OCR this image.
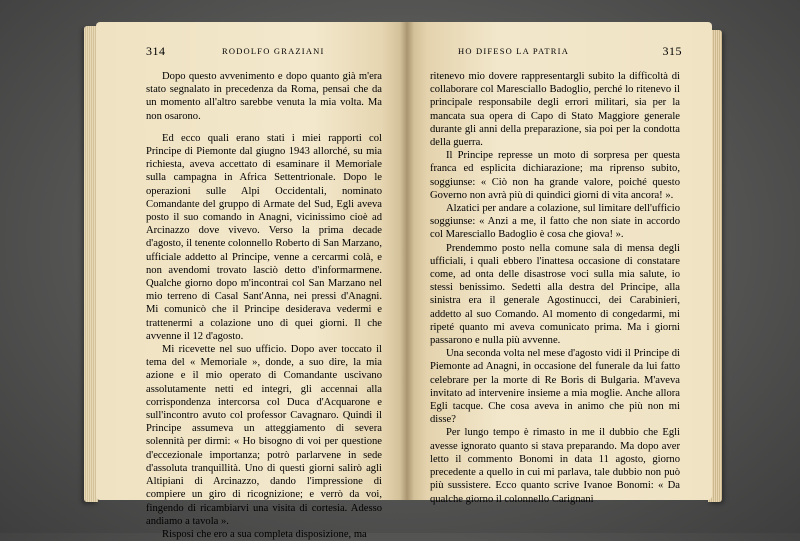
314	RODOLFO GRAZIANI

Dopo questo avvenimento e dopo quanto già m'era stato segnalato in precedenza da Roma, pensai che da un momento all'altro sarebbe venuta la mia volta. Ma non osarono.

Ed ecco quali erano stati i miei rapporti col Principe di Piemonte dal giugno 1943 allorché, su mia richiesta, aveva accettato di esaminare il Memoriale sulla campagna in Africa Settentrionale. Dopo le operazioni sulle Alpi Occidentali, nominato Comandante del gruppo di Armate del Sud, Egli aveva posto il suo comando in Anagni, vicinissimo cioè ad Arcinazzo dove vivevo. Verso la prima decade d'agosto, il tenente colonnello Roberto di San Marzano, ufficiale addetto al Principe, venne a cercarmi colà, e non avendomi trovato lasciò detto d'informarmene. Qualche giorno dopo m'incontrai col San Marzano nel mio terreno di Casal Sant'Anna, nei pressi d'Anagni. Mi comunicò che il Principe desiderava vedermi e trattenermi a colazione uno di quei giorni. Il che avvenne il 12 d'agosto.

Mi ricevette nel suo ufficio. Dopo aver toccato il tema del « Memoriale », donde, a suo dire, la mia azione e il mio operato di Comandante uscivano assolutamente netti ed integri, gli accennai alla corrispondenza intercorsa col Duca d'Acquarone e sull'incontro avuto col professor Cavagnaro. Quindi il Principe assumeva un atteggiamento di severa solennità per dirmi: « Ho bisogno di voi per questione d'eccezionale importanza; potrò parlarvene in sede d'assoluta tranquillità. Uno di questi giorni salirò agli Altipiani di Arcinazzo, dando l'impressione di compiere un giro di ricognizione; e verrò da voi, fingendo di ricambiarvi una visita di cortesia. Adesso andiamo a tavola ».

Risposi che ero a sua completa disposizione, ma

HO DIFESO LA PATRIA	315

ritenevo mio dovere rappresentargli subito la difficoltà di collaborare col Maresciallo Badoglio, perché lo ritenevo il principale responsabile degli errori militari, sia per la mancata sua opera di Capo di Stato Maggiore generale durante gli anni della preparazione, sia poi per la condotta della guerra.

Il Principe represse un moto di sorpresa per questa franca ed esplicita dichiarazione; ma riprenso subito, soggiunse: « Ciò non ha grande valore, poiché questo Governo non avrà più di quindici giorni di vita ancora! ».

Alzatici per andare a colazione, sul limitare dell'ufficio soggiunse: « Anzi a me, il fatto che non siate in accordo col Maresciallo Badoglio è cosa che giova! ».

Prendemmo posto nella comune sala di mensa degli ufficiali, i quali ebbero l'inattesa occasione di constatare come, ad onta delle disastrose voci sulla mia salute, io stessi benissimo. Sedetti alla destra del Principe, alla sinistra era il generale Agostinucci, dei Carabinieri, addetto al suo Comando. Al momento di congedarmi, mi ripeté quanto mi aveva comunicato prima. Ma i giorni passarono e nulla più avvenne.

Una seconda volta nel mese d'agosto vidi il Principe di Piemonte ad Anagni, in occasione del funerale da lui fatto celebrare per la morte di Re Boris di Bulgaria. M'aveva invitato ad intervenire insieme a mia moglie. Anche allora Egli tacque. Che cosa aveva in animo che più non mi disse?

Per lungo tempo è rimasto in me il dubbio che Egli avesse ignorato quanto si stava preparando. Ma dopo aver letto il commento Bonomi in data 11 agosto, giorno precedente a quello in cui mi parlava, tale dubbio non può più sussistere. Ecco quanto scrive Ivanoe Bonomi: « Da qualche giorno il colonnello Carignani
